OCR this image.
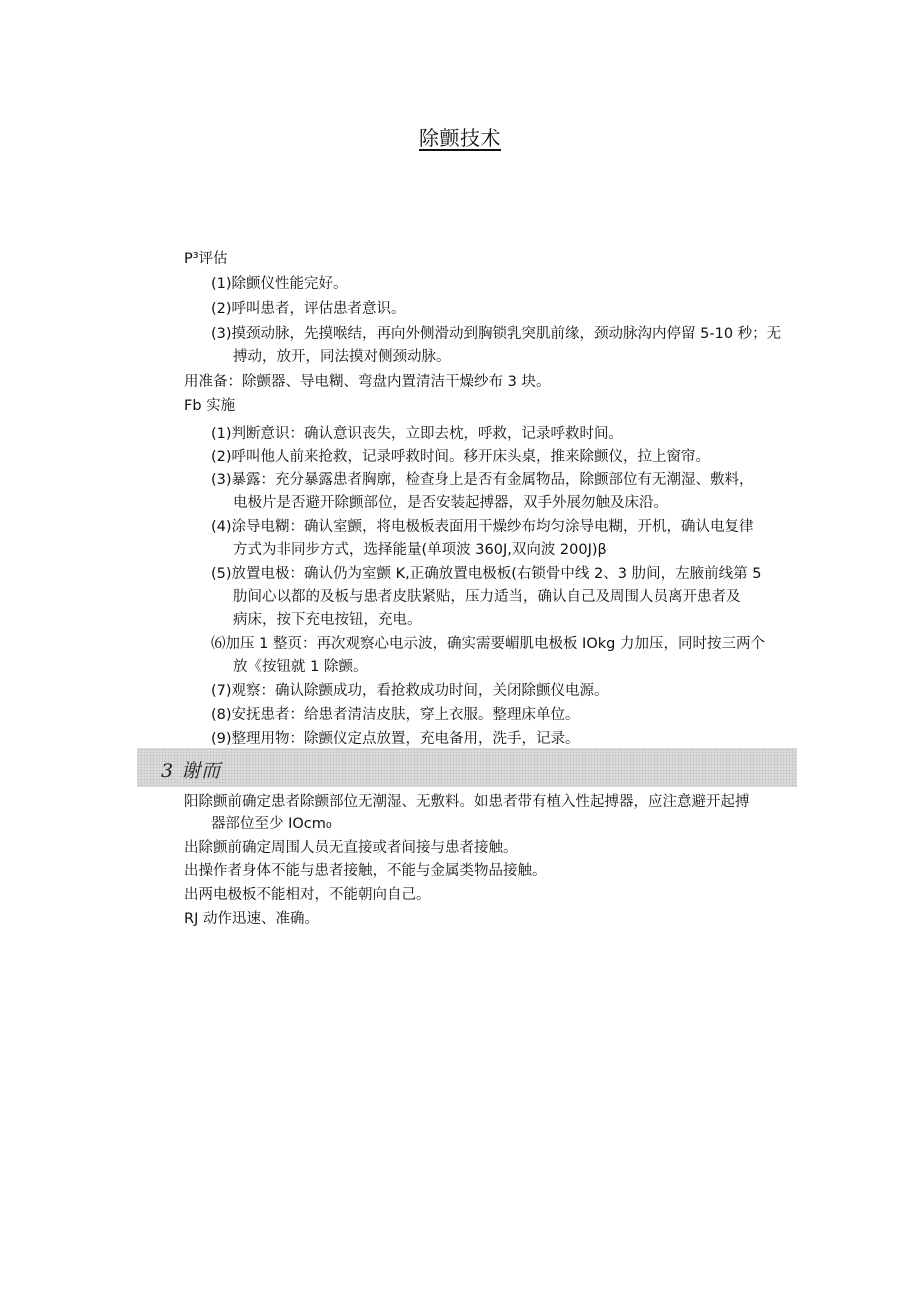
除颤技术
P³评估
(1)除颤仪性能完好。
(2)呼叫患者，评估患者意识。
(3)摸颈动脉，先摸喉结，再向外侧滑动到胸锁乳突肌前缘，颈动脉沟内停留 5-10 秒；无
搏动，放开，同法摸对侧颈动脉。
用准备：除颤器、导电糊、弯盘内置清洁干燥纱布 3 块。
Fb 实施
(1)判断意识：确认意识丧失，立即去枕，呼救，记录呼救时间。
(2)呼叫他人前来抢救，记录呼救时间。移开床头桌，推来除颤仪，拉上窗帘。
(3)暴露：充分暴露患者胸廓，检查身上是否有金属物品，除颤部位有无潮湿、敷料，
电极片是否避开除颤部位，是否安装起搏器，双手外展勿触及床沿。
(4)涂导电糊：确认室颤，将电极板表面用干燥纱布均匀涂导电糊，开机，确认电复律
方式为非同步方式，选择能量(单项波 360J,双向波 200J)β
(5)放置电极：确认仍为室颤 K,正确放置电极板(右锁骨中线 2、3 肋间，左腋前线第 5
肋间心以都的及板与患者皮肤紧贴，压力适当，确认自己及周围人员离开患者及
病床，按下充电按钮，充电。
⑹加压 1 整页：再次观察心电示波，确实需要嵋肌电极板 IOkg 力加压，同时按三两个
放《按钮就 1 除颤。
(7)观察：确认除颤成功，看抢救成功时间，关闭除颤仪电源。
(8)安抚患者：给患者清洁皮肤，穿上衣服。整理床单位。
(9)整理用物：除颤仪定点放置，充电备用，洗手，记录。
3 谢而
阳除颤前确定患者除颤部位无潮湿、无敷料。如患者带有植入性起搏器，应注意避开起搏
器部位至少 IOcm₀
出除颤前确定周围人员无直接或者间接与患者接触。
出操作者身体不能与患者接触，不能与金属类物品接触。
出两电极板不能相对，不能朝向自己。
RJ 动作迅速、准确。
